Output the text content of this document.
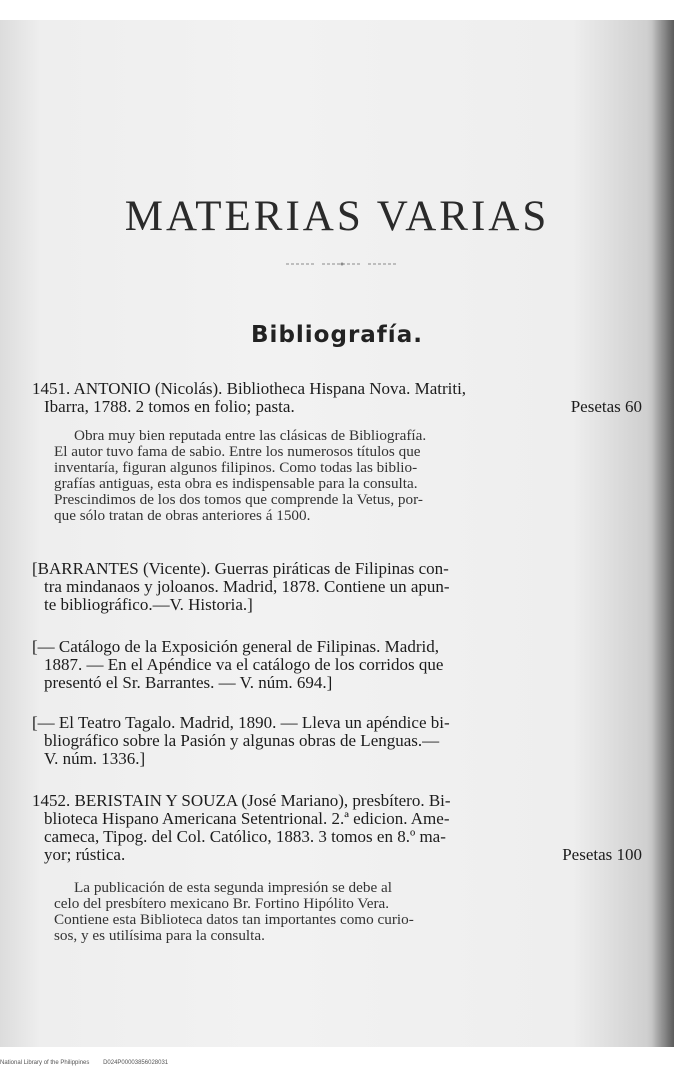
MATERIAS VARIAS
Bibliografía.
1451. ANTONIO (Nicolás). Bibliotheca Hispana Nova. Matriti,
Ibarra, 1788. 2 tomos en folio; pasta.	Pesetas 60
Obra muy bien reputada entre las clásicas de Bibliografía.
El autor tuvo fama de sabio. Entre los numerosos títulos que
inventaría, figuran algunos filipinos. Como todas las biblio-
grafías antiguas, esta obra es indispensable para la consulta.
Prescindimos de los dos tomos que comprende la Vetus, por-
que sólo tratan de obras anteriores á 1500.
[BARRANTES (Vicente). Guerras piráticas de Filipinas con-
tra mindanaos y joloanos. Madrid, 1878. Contiene un apun-
te bibliográfico.—V. Historia.]
[— Catálogo de la Exposición general de Filipinas. Madrid,
1887. — En el Apéndice va el catálogo de los corridos que
presentó el Sr. Barrantes. — V. núm. 694.]
[— El Teatro Tagalo. Madrid, 1890. — Lleva un apéndice bi-
bliográfico sobre la Pasión y algunas obras de Lenguas.—
V. núm. 1336.]
1452. BERISTAIN Y SOUZA (José Mariano), presbítero. Bi-
blioteca Hispano Americana Setentrional. 2.ª edicion. Ame-
cameca, Tipog. del Col. Católico, 1883. 3 tomos en 8.º ma-
yor; rústica.	Pesetas 100
La publicación de esta segunda impresión se debe al
celo del presbítero mexicano Br. Fortino Hipólito Vera.
Contiene esta Biblioteca datos tan importantes como curio-
sos, y es utilísima para la consulta.
National Library of the Philippines D024P00003856028031
